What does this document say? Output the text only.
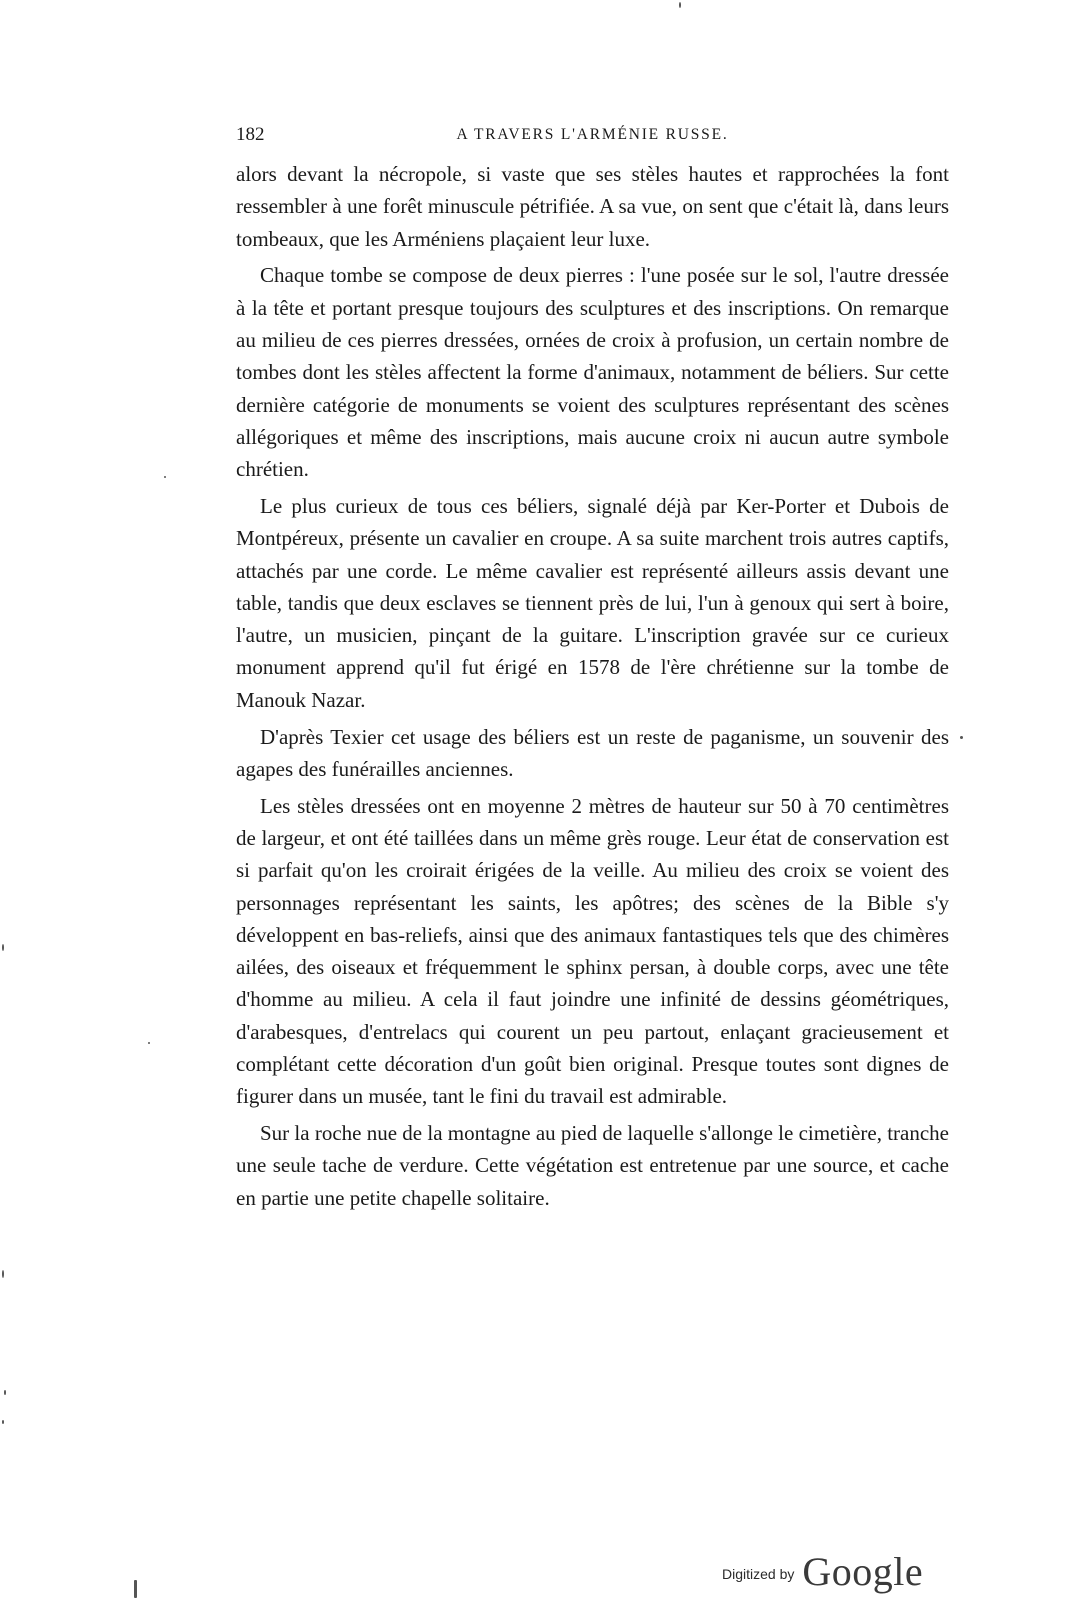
182	A TRAVERS L'ARMÉNIE RUSSE.

alors devant la nécropole, si vaste que ses stèles hautes et rapprochées la font ressembler à une forêt minuscule pétrifiée. A sa vue, on sent que c'était là, dans leurs tombeaux, que les Arméniens plaçaient leur luxe.

Chaque tombe se compose de deux pierres : l'une posée sur le sol, l'autre dressée à la tête et portant presque toujours des sculptures et des inscriptions. On remarque au milieu de ces pierres dressées, ornées de croix à profusion, un certain nombre de tombes dont les stèles affectent la forme d'animaux, notamment de béliers. Sur cette dernière catégorie de monuments se voient des sculptures représentant des scènes allégoriques et même des inscriptions, mais aucune croix ni aucun autre symbole chrétien.

Le plus curieux de tous ces béliers, signalé déjà par Ker-Porter et Dubois de Montpéreux, présente un cavalier en croupe. A sa suite marchent trois autres captifs, attachés par une corde. Le même cavalier est représenté ailleurs assis devant une table, tandis que deux esclaves se tiennent près de lui, l'un à genoux qui sert à boire, l'autre, un musicien, pinçant de la guitare. L'inscription gravée sur ce curieux monument apprend qu'il fut érigé en 1578 de l'ère chrétienne sur la tombe de Manouk Nazar.

D'après Texier cet usage des béliers est un reste de paganisme, un souvenir des agapes des funérailles anciennes.

Les stèles dressées ont en moyenne 2 mètres de hauteur sur 50 à 70 centimètres de largeur, et ont été taillées dans un même grès rouge. Leur état de conservation est si parfait qu'on les croirait érigées de la veille. Au milieu des croix se voient des personnages représentant les saints, les apôtres; des scènes de la Bible s'y développent en bas-reliefs, ainsi que des animaux fantastiques tels que des chimères ailées, des oiseaux et fréquemment le sphinx persan, à double corps, avec une tête d'homme au milieu. A cela il faut joindre une infinité de dessins géométriques, d'arabesques, d'entrelacs qui courent un peu partout, enlaçant gracieusement et complétant cette décoration d'un goût bien original. Presque toutes sont dignes de figurer dans un musée, tant le fini du travail est admirable.

Sur la roche nue de la montagne au pied de laquelle s'allonge le cimetière, tranche une seule tache de verdure. Cette végétation est entretenue par une source, et cache en partie une petite chapelle solitaire.

Digitized by Google
